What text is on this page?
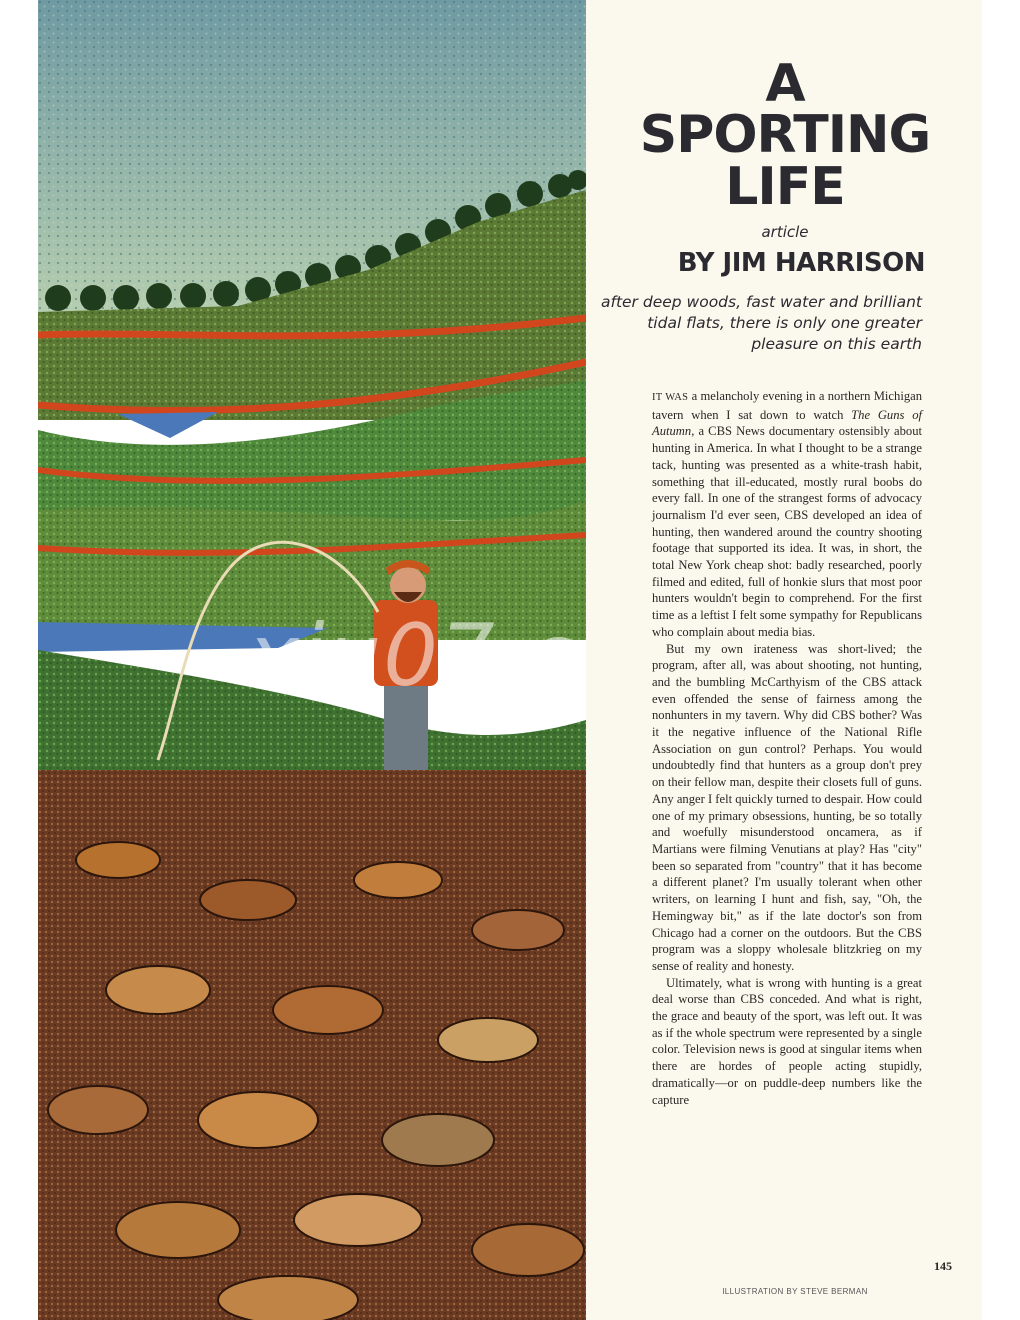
A
SPORTING
LIFE
article
BY JIM HARRISON
after deep woods, fast water and brilliant tidal flats, there is only one greater pleasure on this earth

IT WAS a melancholy evening in a northern Michigan tavern when I sat down to watch The Guns of Autumn, a CBS News documentary ostensibly about hunting in America. In what I thought to be a strange tack, hunting was presented as a white-trash habit, something that ill-educated, mostly rural boobs do every fall. In one of the strangest forms of advocacy journalism I'd ever seen, CBS developed an idea of hunting, then wandered around the country shooting footage that supported its idea. It was, in short, the total New York cheap shot: badly researched, poorly filmed and edited, full of honkie slurs that most poor hunters wouldn't begin to comprehend. For the first time as a leftist I felt some sympathy for Republicans who complain about media bias.

But my own irateness was short-lived; the program, after all, was about shooting, not hunting, and the bumbling McCarthyism of the CBS attack even offended the sense of fairness among the nonhunters in my tavern. Why did CBS bother? Was it the negative influence of the National Rifle Association on gun control? Perhaps. You would undoubtedly find that hunters as a group don't prey on their fellow man, despite their closets full of guns. Any anger I felt quickly turned to despair. How could one of my primary obsessions, hunting, be so totally and woefully misunderstood oncamera, as if Martians were filming Venutians at play? Has "city" been so separated from "country" that it has become a different planet? I'm usually tolerant when other writers, on learning I hunt and fish, say, "Oh, the Hemingway bit," as if the late doctor's son from Chicago had a corner on the outdoors. But the CBS program was a sloppy wholesale blitzkrieg on my sense of reality and honesty.

Ultimately, what is wrong with hunting is a great deal worse than CBS conceded. And what is right, the grace and beauty of the sport, was left out. It was as if the whole spectrum were represented by a single color. Television news is good at singular items when there are hordes of people acting stupidly, dramatically—or on puddle-deep numbers like the capture

145
ILLUSTRATION BY STEVE BERMAN
xiu07.c
